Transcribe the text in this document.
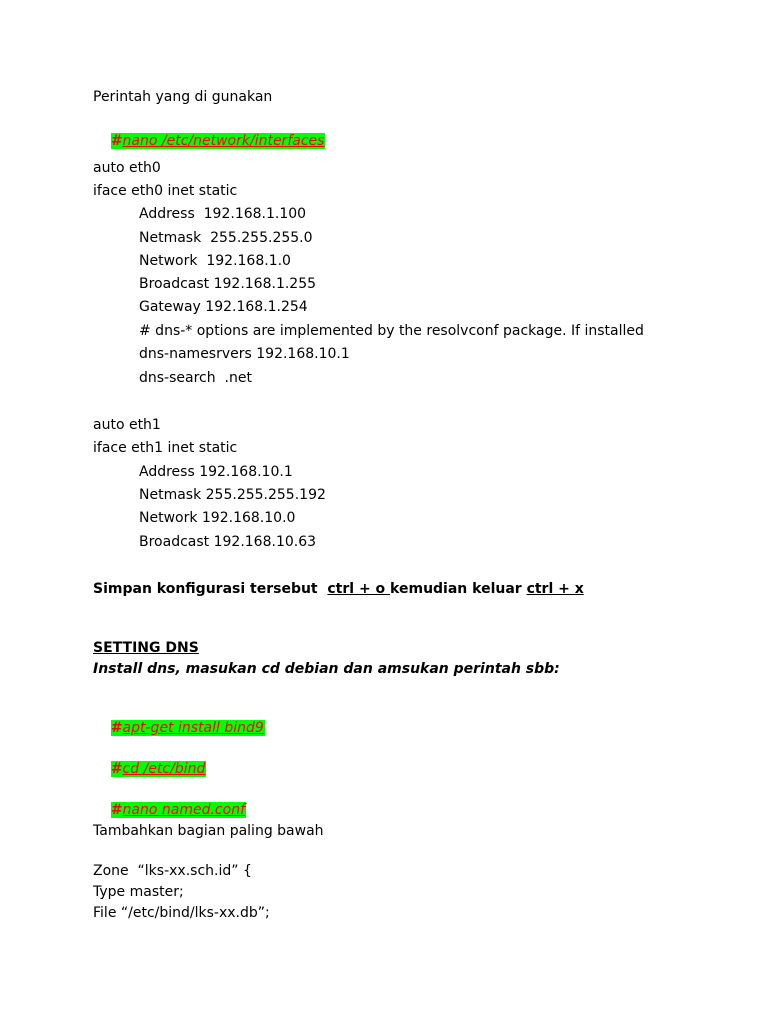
Perintah yang di gunakan

#nano /etc/network/interfaces

auto eth0
iface eth0 inet static
Address  192.168.1.100
Netmask  255.255.255.0
Network  192.168.1.0
Broadcast 192.168.1.255
Gateway 192.168.1.254
# dns-* options are implemented by the resolvconf package. If installed
dns-namesrvers 192.168.10.1
dns-search  .net
auto eth1
iface eth1 inet static
Address 192.168.10.1
Netmask 255.255.255.192
Network 192.168.10.0
Broadcast 192.168.10.63
Simpan konfigurasi tersebut  ctrl + o kemudian keluar ctrl + x
SETTING DNS
Install dns, masukan cd debian dan amsukan perintah sbb:

#apt-get install bind9

#cd /etc/bind

#nano named.conf

Tambahkan bagian paling bawah
Zone  “lks-xx.sch.id” {
Type master;
File “/etc/bind/lks-xx.db”;
